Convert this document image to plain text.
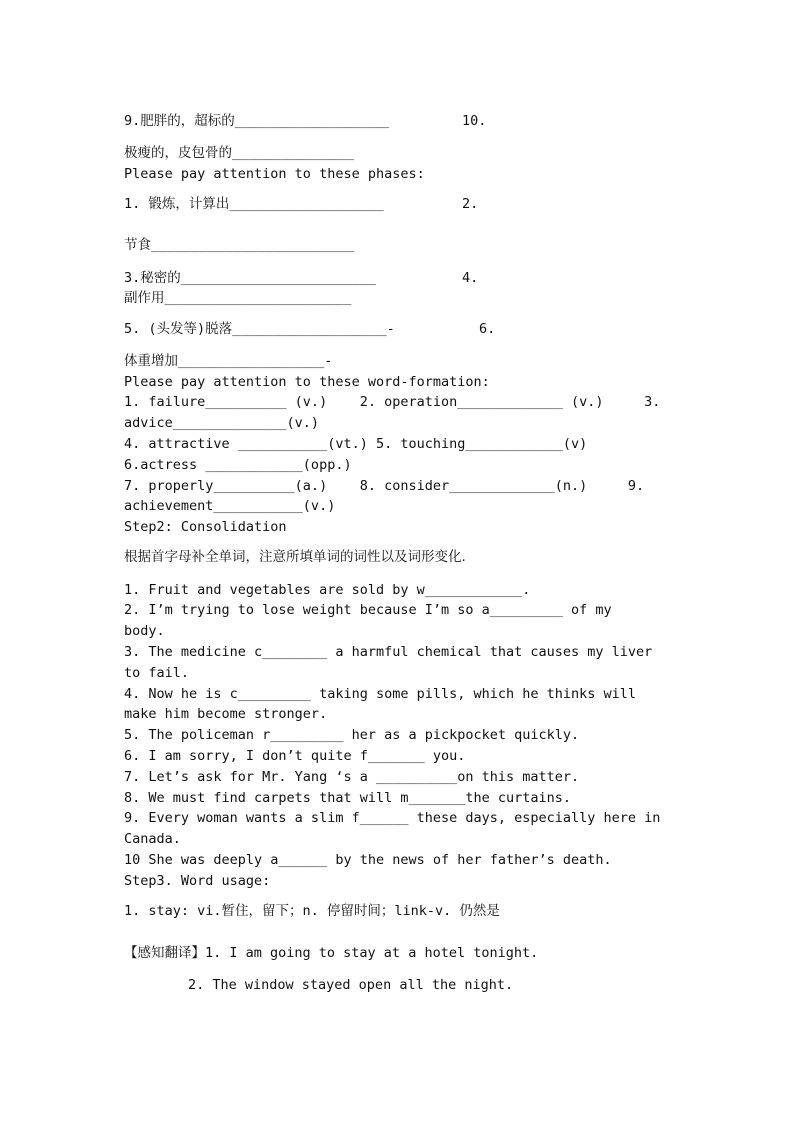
9.肥胖的，超标的___________________	10.
极瘦的，皮包骨的_______________
Please pay attention to these phases:
1. 锻炼，计算出___________________	2.
节食_________________________
3.秘密的________________________	4.
副作用_______________________
5. (头发等)脱落___________________-	6.
体重增加__________________-
Please pay attention to these word-formation:
1. failure__________ (v.)    2. operation_____________ (v.)     3.
advice______________(v.)
4. attractive ___________(vt.) 5. touching____________(v)
6.actress ____________(opp.)
7. properly__________(a.)    8. consider_____________(n.)     9.
achievement___________(v.)
Step2: Consolidation
根据首字母补全单词，注意所填单词的词性以及词形变化.
1. Fruit and vegetables are sold by w____________.
2. I’m trying to lose weight because I’m so a_________ of my
body.
3. The medicine c________ a harmful chemical that causes my liver
to fail.
4. Now he is c_________ taking some pills, which he thinks will
make him become stronger.
5. The policeman r_________ her as a pickpocket quickly.
6. I am sorry, I don’t quite f_______ you.
7. Let’s ask for Mr. Yang ‘s a __________on this matter.
8. We must find carpets that will m_______the curtains.
9. Every woman wants a slim f______ these days, especially here in
Canada.
10 She was deeply a______ by the news of her father’s death.
Step3. Word usage:
1. stay: vi.暂住，留下；n. 停留时间；link-v. 仍然是
【感知翻译】1. I am going to stay at a hotel tonight.
2. The window stayed open all the night.
